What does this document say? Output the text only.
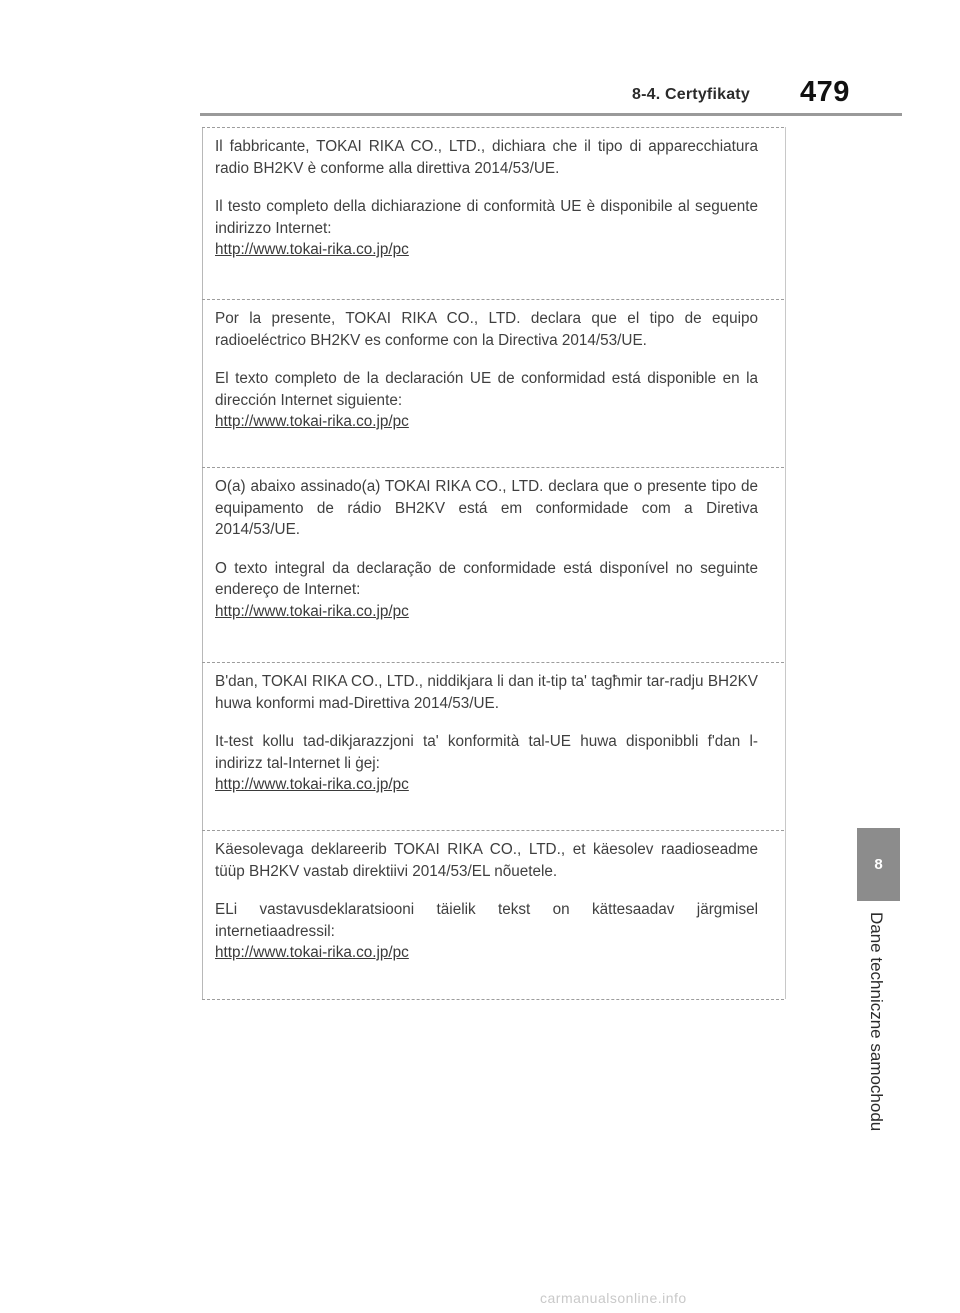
8-4. Certyfikaty 479

Il fabbricante, TOKAI RIKA CO., LTD., dichiara che il tipo di apparecchiatura radio BH2KV è conforme alla direttiva 2014/53/UE.

Il testo completo della dichiarazione di conformità UE è disponibile al seguente indirizzo Internet:

http://www.tokai-rika.co.jp/pc

Por la presente, TOKAI RIKA CO., LTD. declara que el tipo de equipo radioeléctrico BH2KV es conforme con la Directiva 2014/53/UE.

El texto completo de la declaración UE de conformidad está disponible en la dirección Internet siguiente:

http://www.tokai-rika.co.jp/pc

O(a) abaixo assinado(a) TOKAI RIKA CO., LTD. declara que o presente tipo de equipamento de rádio BH2KV está em conformidade com a Diretiva 2014/53/UE.

O texto integral da declaração de conformidade está disponível no seguinte endereço de Internet:

http://www.tokai-rika.co.jp/pc

B'dan, TOKAI RIKA CO., LTD., niddikjara li dan it-tip ta' tagħmir tar-radju BH2KV huwa konformi mad-Direttiva 2014/53/UE.

It-test kollu tad-dikjarazzjoni ta' konformità tal-UE huwa disponibbli f'dan l-indirizz tal-Internet li ġej:

http://www.tokai-rika.co.jp/pc

Käesolevaga deklareerib TOKAI RIKA CO., LTD., et käesolev raadioseadme tüüp BH2KV vastab direktiivi 2014/53/EL nõuetele.

ELi vastavusdeklaratsiooni täielik tekst on kättesaadav järgmisel internetiaadressil:

http://www.tokai-rika.co.jp/pc
8
Dane techniczne samochodu
carmanualsonline.info
